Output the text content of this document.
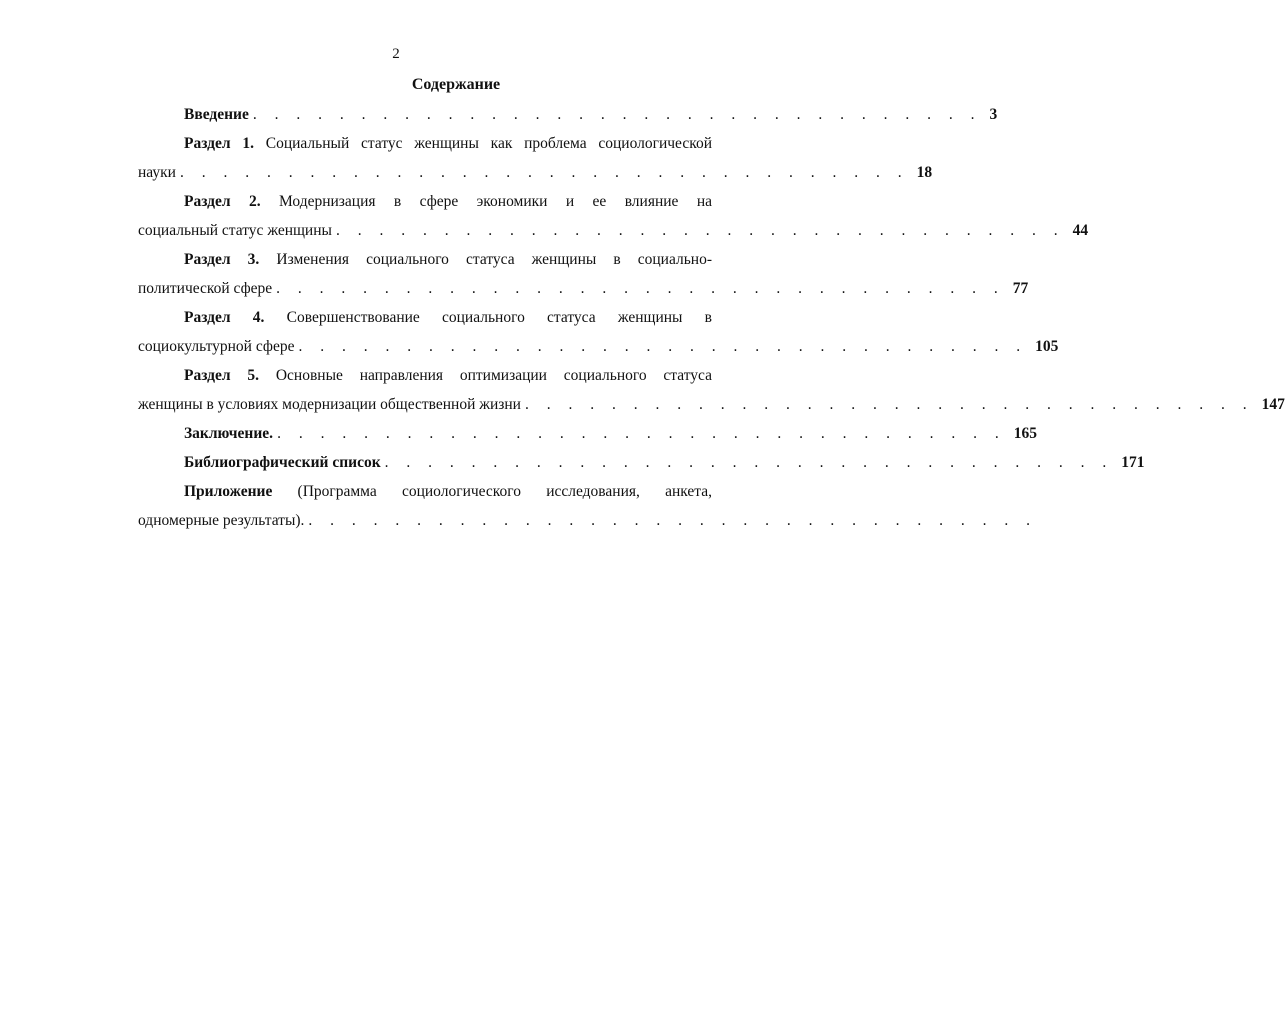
2
Содержание
Введение . . . . . . . . . . . . . . . . . . . . . . . . . . . . . . . . . . 3
Раздел 1. Социальный статус женщины как проблема социологической
науки . . . . . . . . . . . . . . . . . . . . . . . . . . . . . . . . . . 18
Раздел 2. Модернизация в сфере экономики и ее влияние на
социальный статус женщины . . . . . . . . . . . . . . . . . . . . . . . . . . . . . . . . . . 44
Раздел 3. Изменения социального статуса женщины в социально-
политической сфере . . . . . . . . . . . . . . . . . . . . . . . . . . . . . . . . . . 77
Раздел 4. Совершенствование социального статуса женщины в
социокультурной сфере . . . . . . . . . . . . . . . . . . . . . . . . . . . . . . . . . . 105
Раздел 5. Основные направления оптимизации социального статуса
женщины в условиях модернизации общественной жизни . . . . . . . . . . . . . . . . . . . . . . . . . . . . . . . . . . 147
Заключение. . . . . . . . . . . . . . . . . . . . . . . . . . . . . . . . . . . 165
Библиографический список . . . . . . . . . . . . . . . . . . . . . . . . . . . . . . . . . . 171
Приложение (Программа социологического исследования, анкета,
одномерные результаты). . . . . . . . . . . . . . . . . . . . . . . . . . . . . . . . . . .
